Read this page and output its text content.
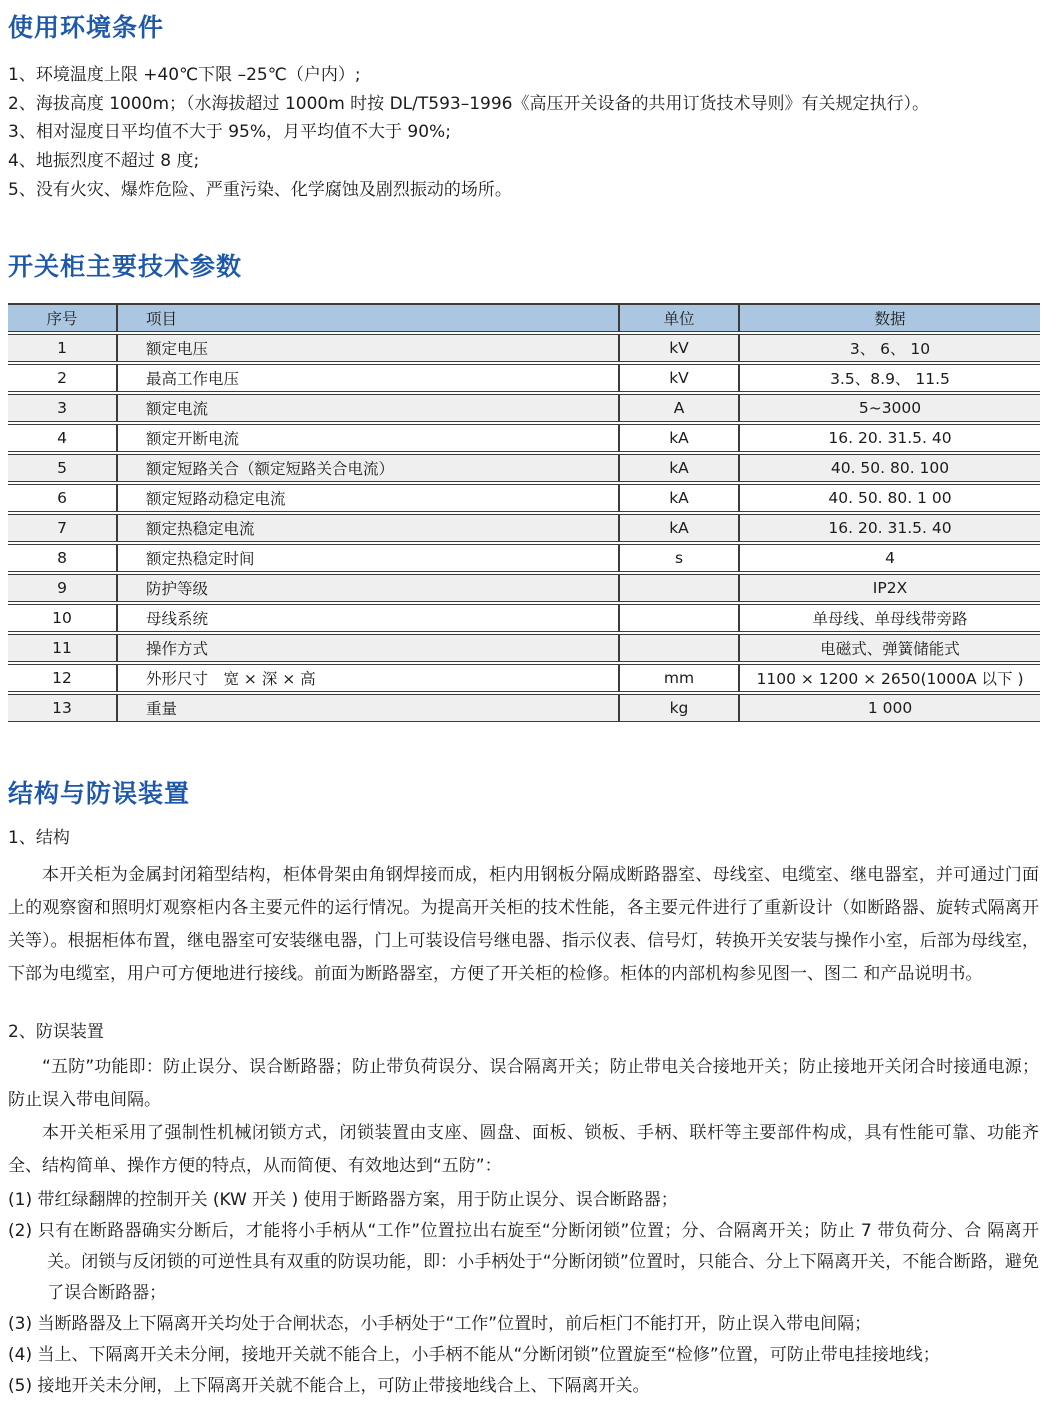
使用环境条件

1、环境温度上限 +40℃下限 –25℃（户内）;

2、海拔高度 1000m；（水海拔超过 1000m 时按 DL/T593–1996《高压开关设备的共用订货技术导则》有关规定执行）。

3、相对湿度日平均值不大于 95%，月平均值不大于 90%;

4、地振烈度不超过 8 度;

5、没有火灾、爆炸危险、严重污染、化学腐蚀及剧烈振动的场所。

开关柜主要技术参数
序号	项目	单位	数据
1	额定电压	kV	3、 6、 10
2	最高工作电压	kV	3.5、8.9、 11.5
3	额定电流	A	5~3000
4	额定开断电流	kA	16. 20. 31.5. 40
5	额定短路关合（额定短路关合电流）	kA	40. 50. 80. 100
6	额定短路动稳定电流	kA	40. 50. 80. 1 00
7	额定热稳定电流	kA	16. 20. 31.5. 40
8	额定热稳定时间	s	4
9	防护等级		IP2X
10	母线系统		单母线、单母线带旁路
11	操作方式		电磁式、弹簧储能式
12	外形尺寸　宽 × 深 × 高	mm	1100 × 1200 × 2650(1000A 以下 )
13	重量	kg	1 000
结构与防误装置

1、结构

本开关柜为金属封闭箱型结构，柜体骨架由角钢焊接而成，柜内用钢板分隔成断路器室、母线室、电缆室、继电器室，并可通过门面上的观察窗和照明灯观察柜内各主要元件的运行情况。为提高开关柜的技术性能，各主要元件进行了重新设计（如断路器、旋转式隔离开关等）。根据柜体布置，继电器室可安装继电器，门上可装设信号继电器、指示仪表、信号灯，转换开关安装与操作小室，后部为母线室，下部为电缆室，用户可方便地进行接线。前面为断路器室，方便了开关柜的检修。柜体的内部机构参见图一、图二 和产品说明书。

2、防误装置

“五防”功能即：防止误分、误合断路器；防止带负荷误分、误合隔离开关；防止带电关合接地开关；防止接地开关闭合时接通电源；防止误入带电间隔。

本开关柜采用了强制性机械闭锁方式，闭锁装置由支座、圆盘、面板、锁板、手柄、联杆等主要部件构成，具有性能可靠、功能齐全、结构简单、操作方便的特点，从而简便、有效地达到“五防”：

(1) 带红绿翻牌的控制开关 (KW 开关 ) 使用于断路器方案，用于防止误分、误合断路器；

(2) 只有在断路器确实分断后，才能将小手柄从“工作”位置拉出右旋至“分断闭锁”位置；分、合隔离开关；防止 7 带负荷分、合 隔离开关。闭锁与反闭锁的可逆性具有双重的防误功能，即：小手柄处于“分断闭锁”位置时，只能合、分上下隔离开关，不能合断路，避免了误合断路器；

(3) 当断路器及上下隔离开关均处于合闸状态，小手柄处于“工作”位置时，前后柜门不能打开，防止误入带电间隔；

(4) 当上、下隔离开关未分闸，接地开关就不能合上，小手柄不能从“分断闭锁”位置旋至“检修”位置，可防止带电挂接地线；

(5) 接地开关未分闸，上下隔离开关就不能合上，可防止带接地线合上、下隔离开关。
